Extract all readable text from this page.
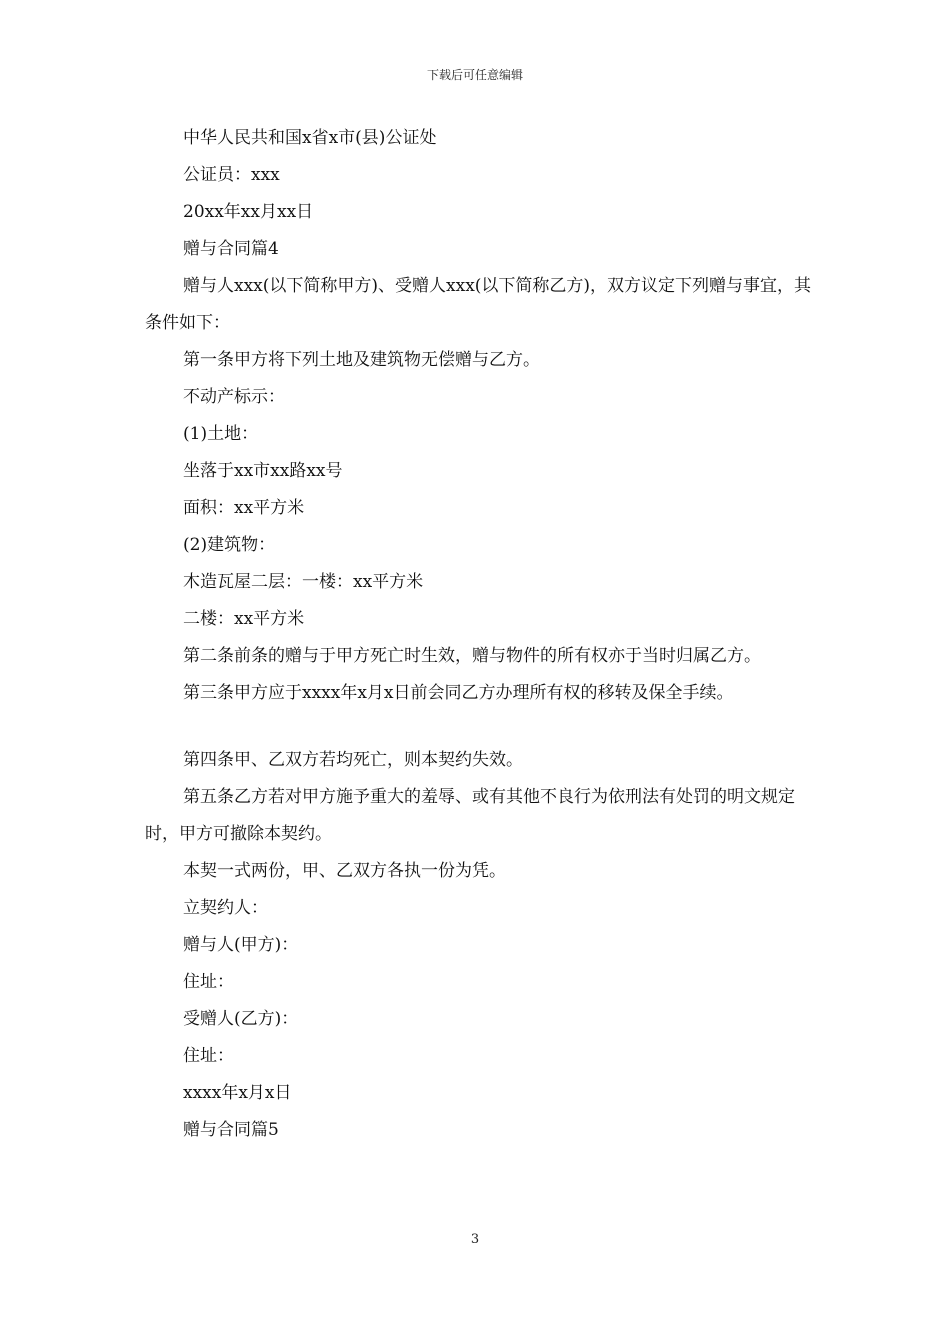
下载后可任意编辑

中华人民共和国x省x市(县)公证处

公证员：xxx

20xx年xx月xx日

赠与合同篇4

赠与人xxx(以下简称甲方)、受赠人xxx(以下简称乙方)，双方议定下列赠与事宜，其条件如下：

第一条甲方将下列土地及建筑物无偿赠与乙方。

不动产标示：

(1)土地：

坐落于xx市xx路xx号

面积：xx平方米

(2)建筑物：

木造瓦屋二层：一楼：xx平方米

二楼：xx平方米

第二条前条的赠与于甲方死亡时生效，赠与物件的所有权亦于当时归属乙方。

第三条甲方应于xxxx年x月x日前会同乙方办理所有权的移转及保全手续。

第四条甲、乙双方若均死亡，则本契约失效。

第五条乙方若对甲方施予重大的羞辱、或有其他不良行为依刑法有处罚的明文规定时，甲方可撤除本契约。

本契一式两份，甲、乙双方各执一份为凭。

立契约人：

赠与人(甲方)：

住址：

受赠人(乙方)：

住址：

xxxx年x月x日

赠与合同篇5

3
